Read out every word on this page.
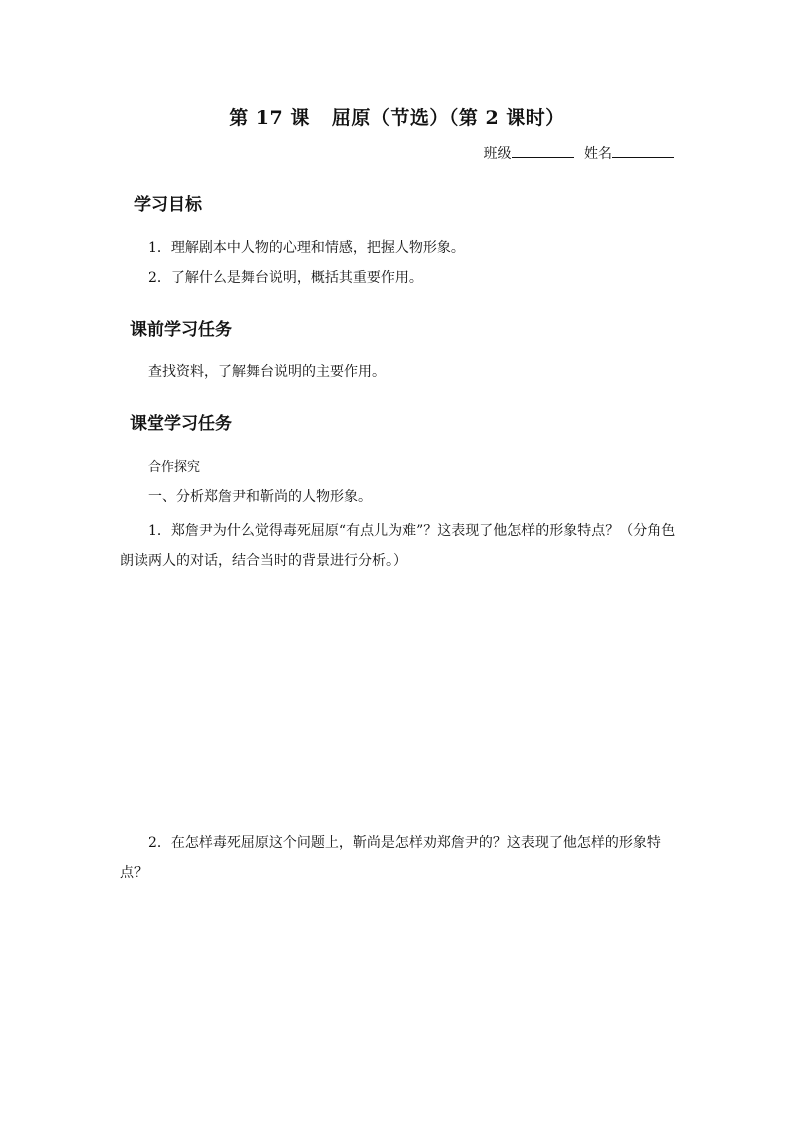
第 17 课 屈原（节选）（第 2 课时）
班级	姓名
学习目标
1．理解剧本中人物的心理和情感，把握人物形象。
2．了解什么是舞台说明，概括其重要作用。
课前学习任务
查找资料，了解舞台说明的主要作用。
课堂学习任务
合作探究
一、分析郑詹尹和靳尚的人物形象。
1．郑詹尹为什么觉得毒死屈原“有点儿为难”？这表现了他怎样的形象特点？（分角色朗读两人的对话，结合当时的背景进行分析。）
2．在怎样毒死屈原这个问题上，靳尚是怎样劝郑詹尹的？这表现了他怎样的形象特点？
